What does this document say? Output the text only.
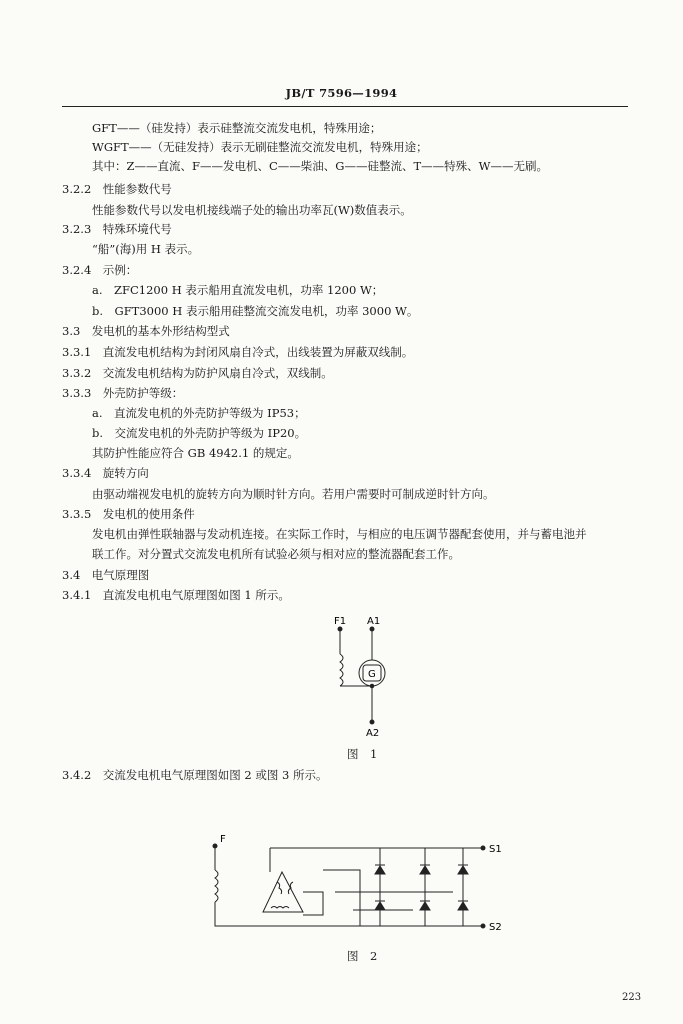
JB/T 7596—1994
GFT——（硅发持）表示硅整流交流发电机，特殊用途；
WGFT——（无硅发持）表示无刷硅整流交流发电机，特殊用途；
其中：Z——直流、F——发电机、C——柴油、G——硅整流、T——特殊、W——无刷。
3.2.2　性能参数代号
性能参数代号以发电机接线端子处的输出功率瓦(W)数值表示。
3.2.3　特殊环境代号
“船”(海)用 H 表示。
3.2.4　示例：
a.　ZFC1200 H 表示船用直流发电机，功率 1200 W；
b.　GFT3000 H 表示船用硅整流交流发电机，功率 3000 W。
3.3　发电机的基本外形结构型式
3.3.1　直流发电机结构为封闭风扇自冷式，出线装置为屏蔽双线制。
3.3.2　交流发电机结构为防护风扇自冷式，双线制。
3.3.3　外壳防护等级：
a.　直流发电机的外壳防护等级为 IP53；
b.　交流发电机的外壳防护等级为 IP20。
其防护性能应符合 GB 4942.1 的规定。
3.3.4　旋转方向
由驱动端视发电机的旋转方向为顺时针方向。若用户需要时可制成逆时针方向。
3.3.5　发电机的使用条件
发电机由弹性联轴器与发动机连接。在实际工作时，与相应的电压调节器配套使用，并与蓄电池并
联工作。对分置式交流发电机所有试验必须与相对应的整流器配套工作。
3.4　电气原理图
3.4.1　直流发电机电气原理图如图 1 所示。
F1 A1
G
A2
图　1
3.4.2　交流发电机电气原理图如图 2 或图 3 所示。
F
S1
S2
图　2
223
